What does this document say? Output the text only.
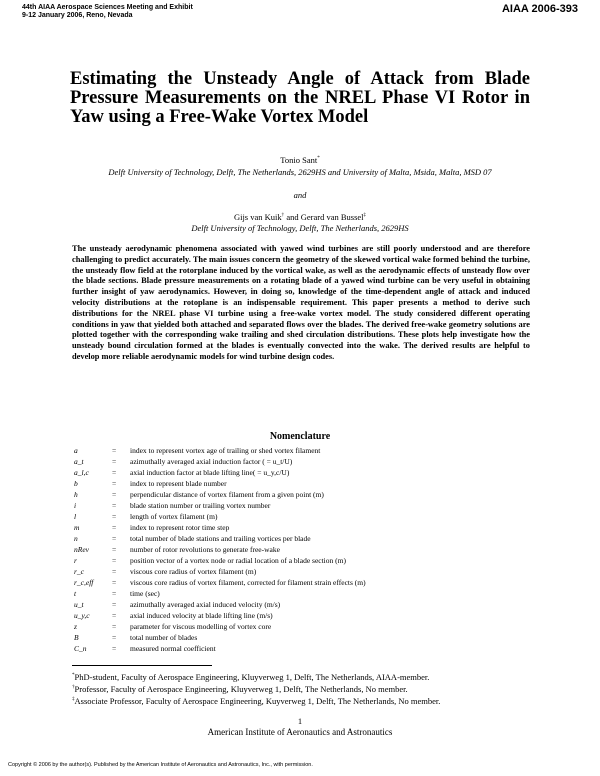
44th AIAA Aerospace Sciences Meeting and Exhibit
9-12 January 2006, Reno, Nevada
AIAA 2006-393
Estimating the Unsteady Angle of Attack from Blade Pressure Measurements on the NREL Phase VI Rotor in Yaw using a Free-Wake Vortex Model
Tonio Sant*
Delft University of Technology, Delft, The Netherlands, 2629HS and University of Malta, Msida, Malta, MSD 07
and
Gijs van Kuik† and Gerard van Bussel‡
Delft University of Technology, Delft, The Netherlands, 2629HS
The unsteady aerodynamic phenomena associated with yawed wind turbines are still poorly understood and are therefore challenging to predict accurately. The main issues concern the geometry of the skewed vortical wake formed behind the turbine, the unsteady flow field at the rotorplane induced by the vortical wake, as well as the aerodynamic effects of unsteady flow over the blade sections. Blade pressure measurements on a rotating blade of a yawed wind turbine can be very useful in obtaining further insight of yaw aerodynamics. However, in doing so, knowledge of the time-dependent angle of attack and induced velocity distributions at the rotoplane is an indispensable requirement. This paper presents a method to derive such distributions for the NREL phase VI turbine using a free-wake vortex model. The study considered different operating conditions in yaw that yielded both attached and separated flows over the blades. The derived free-wake geometry solutions are plotted together with the corresponding wake trailing and shed circulation distributions. These plots help investigate how the unsteady bound circulation formed at the blades is eventually convected into the wake. The derived results are helpful to develop more reliable aerodynamic models for wind turbine design codes.
Nomenclature
a	= index to represent vortex age of trailing or shed vortex filament
a_t	= azimuthally averaged axial induction factor ( = u_t/U)
a_l,c	= axial induction factor at blade lifting line( = u_y,c/U)
b	= index to represent blade number
h	= perpendicular distance of vortex filament from a given point (m)
i	= blade station number or trailing vortex number
l	= length of vortex filament (m)
m	= index to represent rotor time step
n	= total number of blade stations and trailing vortices per blade
nRev	= number of rotor revolutions to generate free-wake
r	= position vector of a vortex node or radial location of a blade section (m)
r_c	= viscous core radius of vortex filament (m)
r_c,eff = viscous core radius of vortex filament, corrected for filament strain effects (m)
t	= time (sec)
u_t	= azimuthally averaged axial induced velocity (m/s)
u_y,c	= axial induced velocity at blade lifting line (m/s)
z	= parameter for viscous modelling of vortex core
B	= total number of blades
C_n	= measured normal coefficient
*PhD-student, Faculty of Aerospace Engineering, Kluyverweg 1, Delft, The Netherlands, AIAA-member.
†Professor, Faculty of Aerospace Engineering, Kluyverweg 1, Delft, The Netherlands, No member.
‡Associate Professor, Faculty of Aerospace Engineering, Kuyverweg 1, Delft, The Netherlands, No member.
1
American Institute of Aeronautics and Astronautics
Copyright © 2006 by the author(s). Published by the American Institute of Aeronautics and Astronautics, Inc., with permission.
